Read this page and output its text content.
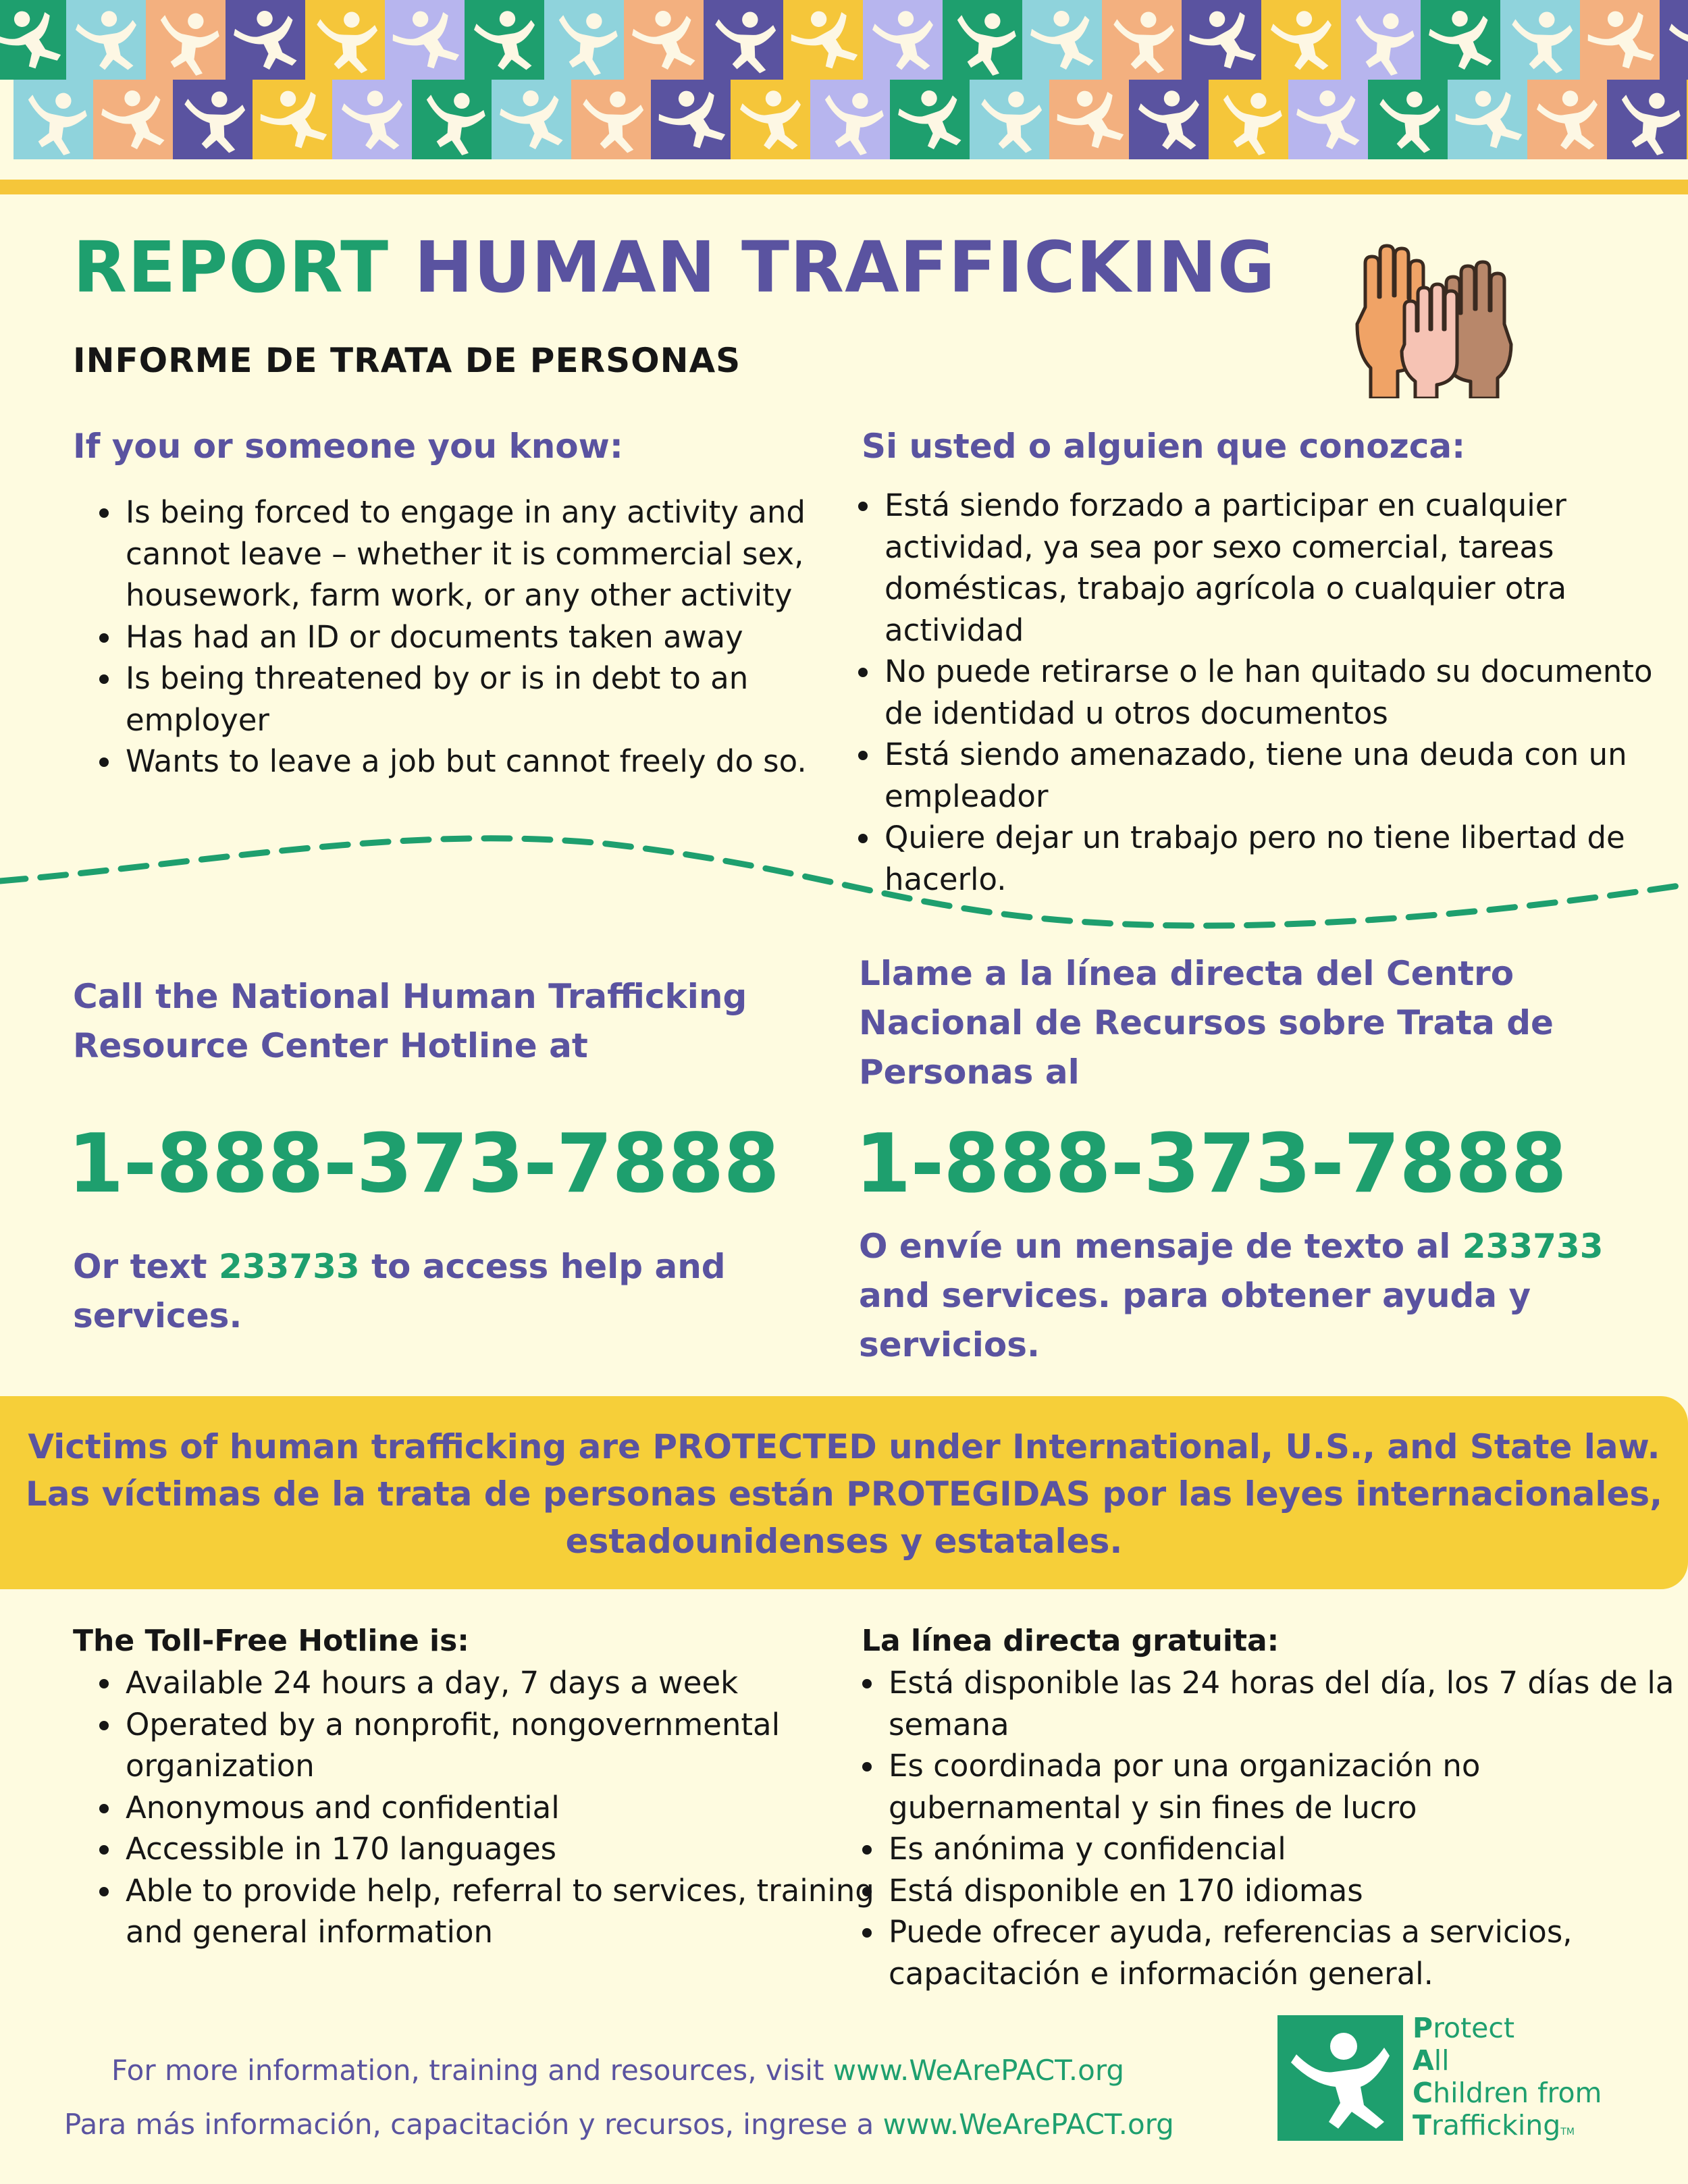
REPORT HUMAN TRAFFICKING
INFORME DE TRATA DE PERSONAS
If you or someone you know:
• Is being forced to engage in any activity and cannot leave – whether it is commercial sex, housework, farm work, or any other activity
• Has had an ID or documents taken away
• Is being threatened by or is in debt to an employer
• Wants to leave a job but cannot freely do so.
Si usted o alguien que conozca:
• Está siendo forzado a participar en cualquier actividad, ya sea por sexo comercial, tareas domésticas, trabajo agrícola o cualquier otra actividad
• No puede retirarse o le han quitado su documento de identidad u otros documentos
• Está siendo amenazado, tiene una deuda con un empleador
• Quiere dejar un trabajo pero no tiene libertad de hacerlo.

Call the National Human Trafficking Resource Center Hotline at

Llame a la línea directa del Centro Nacional de Recursos sobre Trata de Personas al

1-888-373-7888 1-888-373-7888

Or text 233733 to access help and services.

O envíe un mensaje de texto al 233733 and services. para obtener ayuda y servicios.

Victims of human trafficking are PROTECTED under International, U.S., and State law.
Las víctimas de la trata de personas están PROTEGIDAS por las leyes internacionales,
estadounidenses y estatales.
The Toll-Free Hotline is:
• Available 24 hours a day, 7 days a week
• Operated by a nonprofit, nongovernmental organization
• Anonymous and confidential
• Accessible in 170 languages
• Able to provide help, referral to services, training and general information
La línea directa gratuita:
• Está disponible las 24 horas del día, los 7 días de la semana
• Es coordinada por una organización no gubernamental y sin fines de lucro
• Es anónima y confidencial
• Está disponible en 170 idiomas
• Puede ofrecer ayuda, referencias a servicios, capacitación e información general.

For more information, training and resources, visit www.WeArePACT.org

Para más información, capacitación y recursos, ingrese a www.WeArePACT.org

Protect
All
Children from
TraffickingTM
